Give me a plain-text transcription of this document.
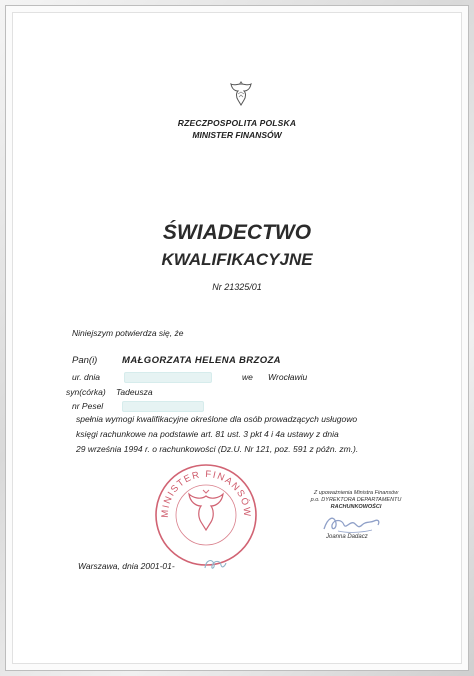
RZECZPOSPOLITA POLSKA
MINISTER FINANSÓW
ŚWIADECTWO
KWALIFIKACYJNE
Nr 21325/01
Niniejszym potwierdza się, że
Pan(i)	MAŁGORZATA HELENA BRZOZA
ur. dnia	we Wrocławiu
syn(córka) Tadeusza
nr Pesel
spełnia wymogi kwalifikacyjne określone dla osób prowadzących usługowo
księgi rachunkowe na podstawie art. 81 ust. 3 pkt 4 i 4a ustawy z dnia
29 września 1994 r. o rachunkowości (Dz.U. Nr 121, poz. 591 z późn. zm.).
MINISTER FINANSÓW
Z upoważnienia Ministra Finansów
p.o. DYREKTORA DEPARTAMENTU
RACHUNKOWOŚCI
Joanna Dadacz
Warszawa, dnia 2001-01-
